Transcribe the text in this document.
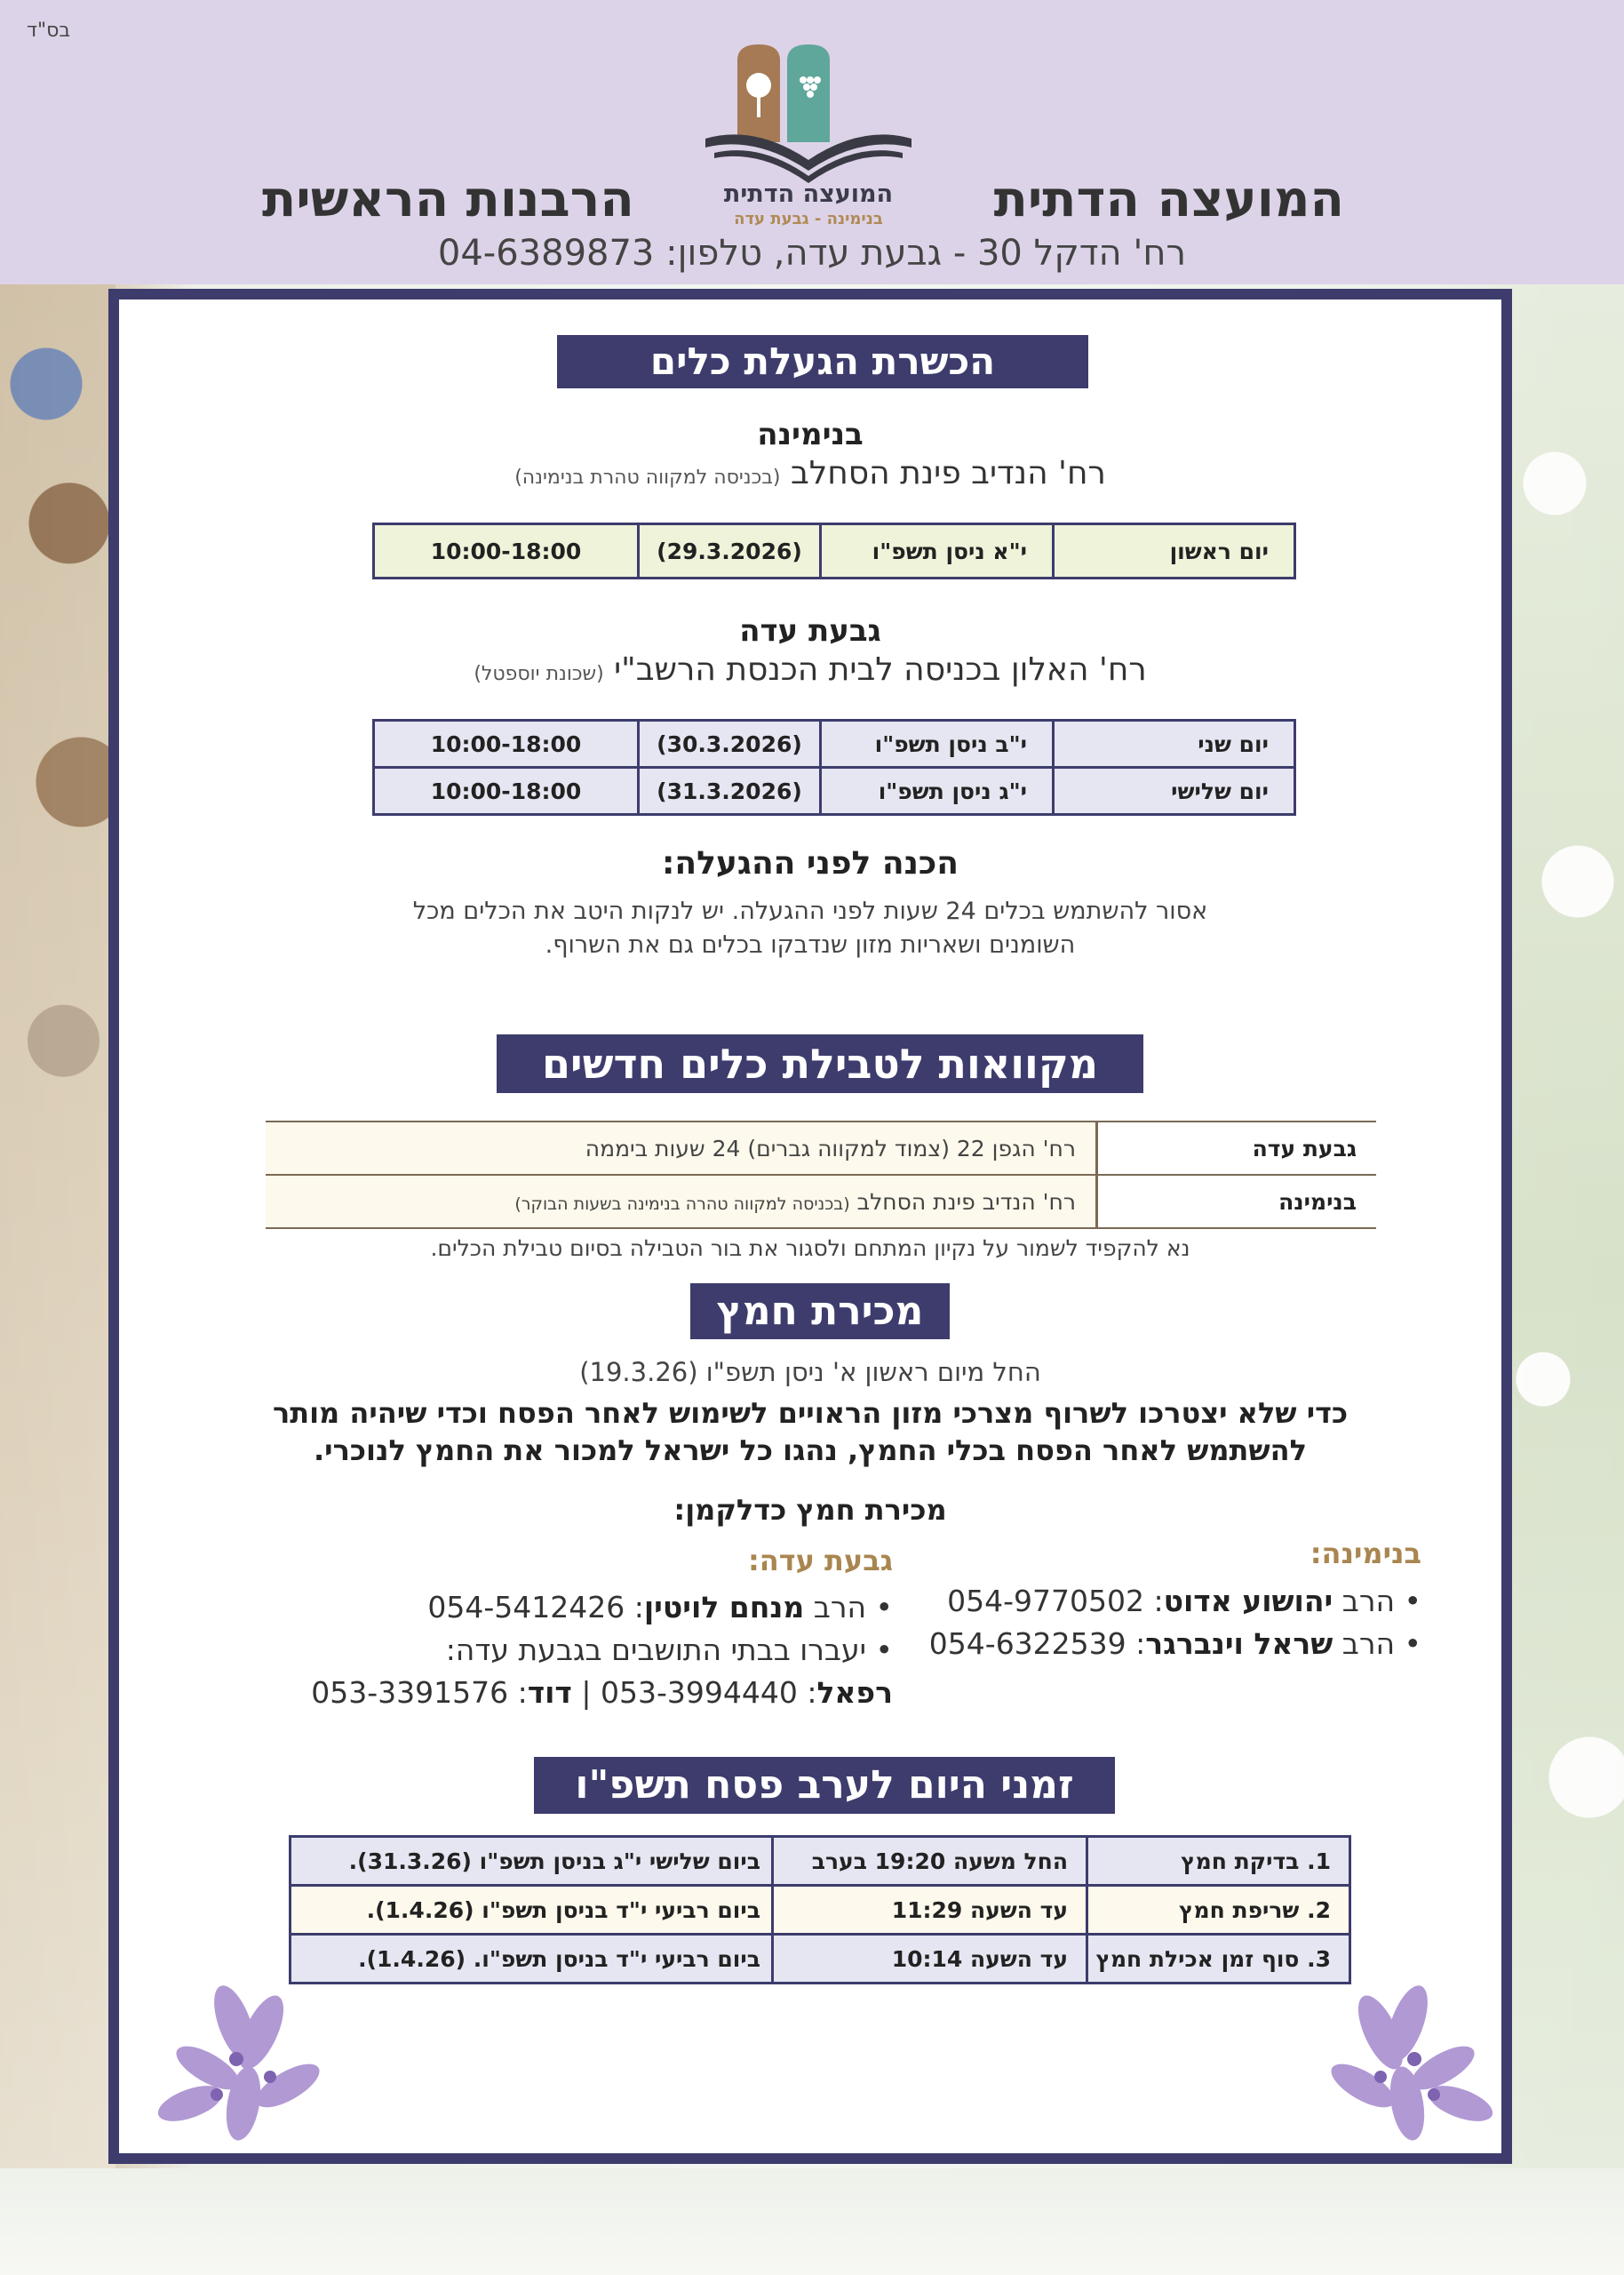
בס"ד
המועצה הדתית
בנימינה - גבעת עדה	המועצה הדתית
הרבנות הראשית
רח' הדקל 30 - גבעת עדה, טלפון: 04-6389873
הכשרת הגעלת כלים
בנימינה
רח' הנדיב פינת הסחלב (בכניסה למקווה טהרת בנימינה)
יום ראשון	י"א ניסן תשפ"ו	(29.3.2026)	10:00-18:00
גבעת עדה
רח' האלון בכניסה לבית הכנסת הרשב"י (שכונת יוספטל)
יום שני	י"ב ניסן תשפ"ו	(30.3.2026)	10:00-18:00
יום שלישי	י"ג ניסן תשפ"ו	(31.3.2026)	10:00-18:00
הכנה לפני ההגעלה:
אסור להשתמש בכלים 24 שעות לפני ההגעלה. יש לנקות היטב את הכלים מכל
השומנים ושאריות מזון שנדבקו בכלים גם את השרוף.
מקוואות לטבילת כלים חדשים
גבעת עדה	רח' הגפן 22 (צמוד למקווה גברים) 24 שעות ביממה
בנימינה	רח' הנדיב פינת הסחלב (בכניסה למקווה טהרה בנימינה בשעות הבוקר)
נא להקפיד לשמור על נקיון המתחם ולסגור את בור הטבילה בסיום טבילת הכלים.
מכירת חמץ
החל מיום ראשון א' ניסן תשפ"ו (19.3.26)
כדי שלא יצטרכו לשרוף מצרכי מזון הראויים לשימוש לאחר הפסח וכדי שיהיה מותר
להשתמש לאחר הפסח בכלי החמץ, נהגו כל ישראל למכור את החמץ לנוכרי.
מכירת חמץ כדלקמן:
בנימינה:
• הרב יהושוע אדוט: 054-9770502
• הרב שראל וינברגר: 054-6322539
גבעת עדה:
• הרב מנחם לויטין: 054-5412426
• יעברו בבתי התושבים בגבעת עדה:
רפאל: 053-3994440 | דוד: 053-3391576
זמני היום לערב פסח תשפ"ו
1. בדיקת חמץ	החל משעה 19:20 בערב	ביום שלישי י"ג בניסן תשפ"ו (31.3.26).
2. שריפת חמץ	עד השעה 11:29	ביום רביעי י"ד בניסן תשפ"ו (1.4.26).
3. סוף זמן אכילת חמץ	עד השעה 10:14	ביום רביעי י"ד בניסן תשפ"ו. (1.4.26).
